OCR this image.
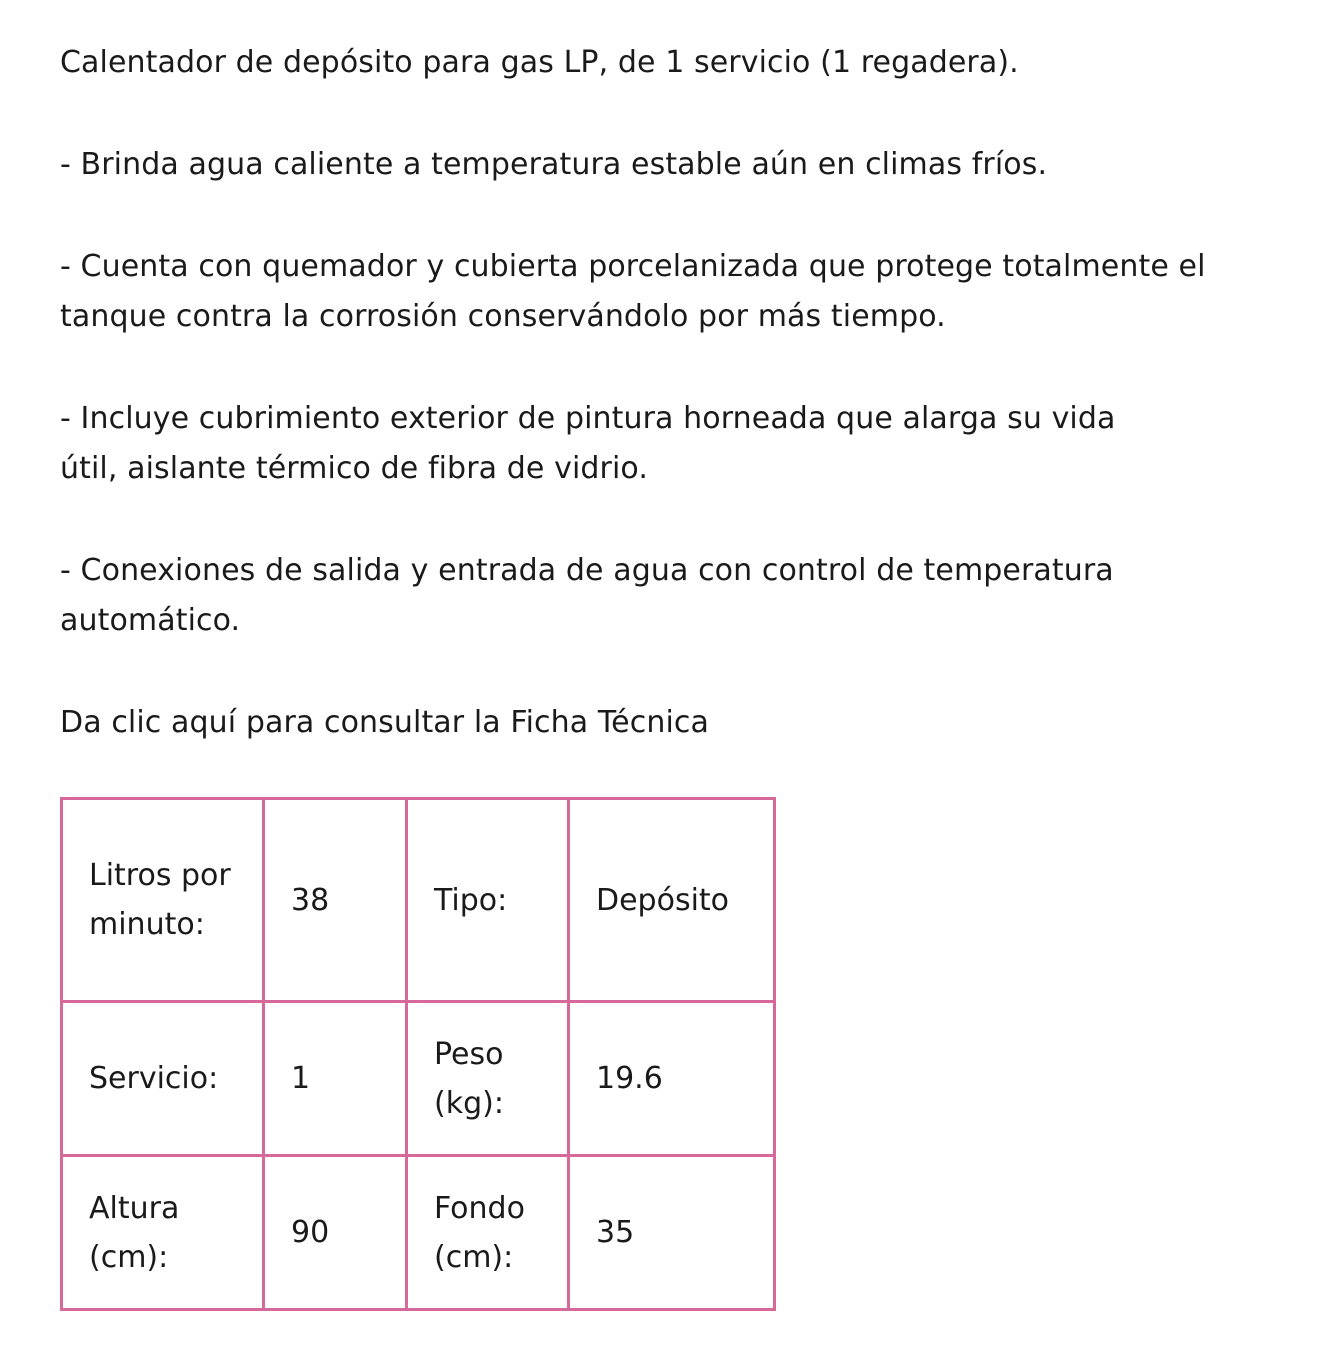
Calentador de depósito para gas LP, de 1 servicio (1 regadera).

- Brinda agua caliente a temperatura estable aún en climas fríos.

- Cuenta con quemador y cubierta porcelanizada que protege totalmente el tanque contra la corrosión conservándolo por más tiempo.

- Incluye cubrimiento exterior de pintura horneada que alarga su vida útil, aislante térmico de fibra de vidrio.

- Conexiones de salida y entrada de agua con control de temperatura automático.

Da clic aquí para consultar la Ficha Técnica

Litros por minuto:	38	Tipo:	Depósito
Servicio:	1	Peso (kg):	19.6
Altura (cm):	90	Fondo (cm):	35
